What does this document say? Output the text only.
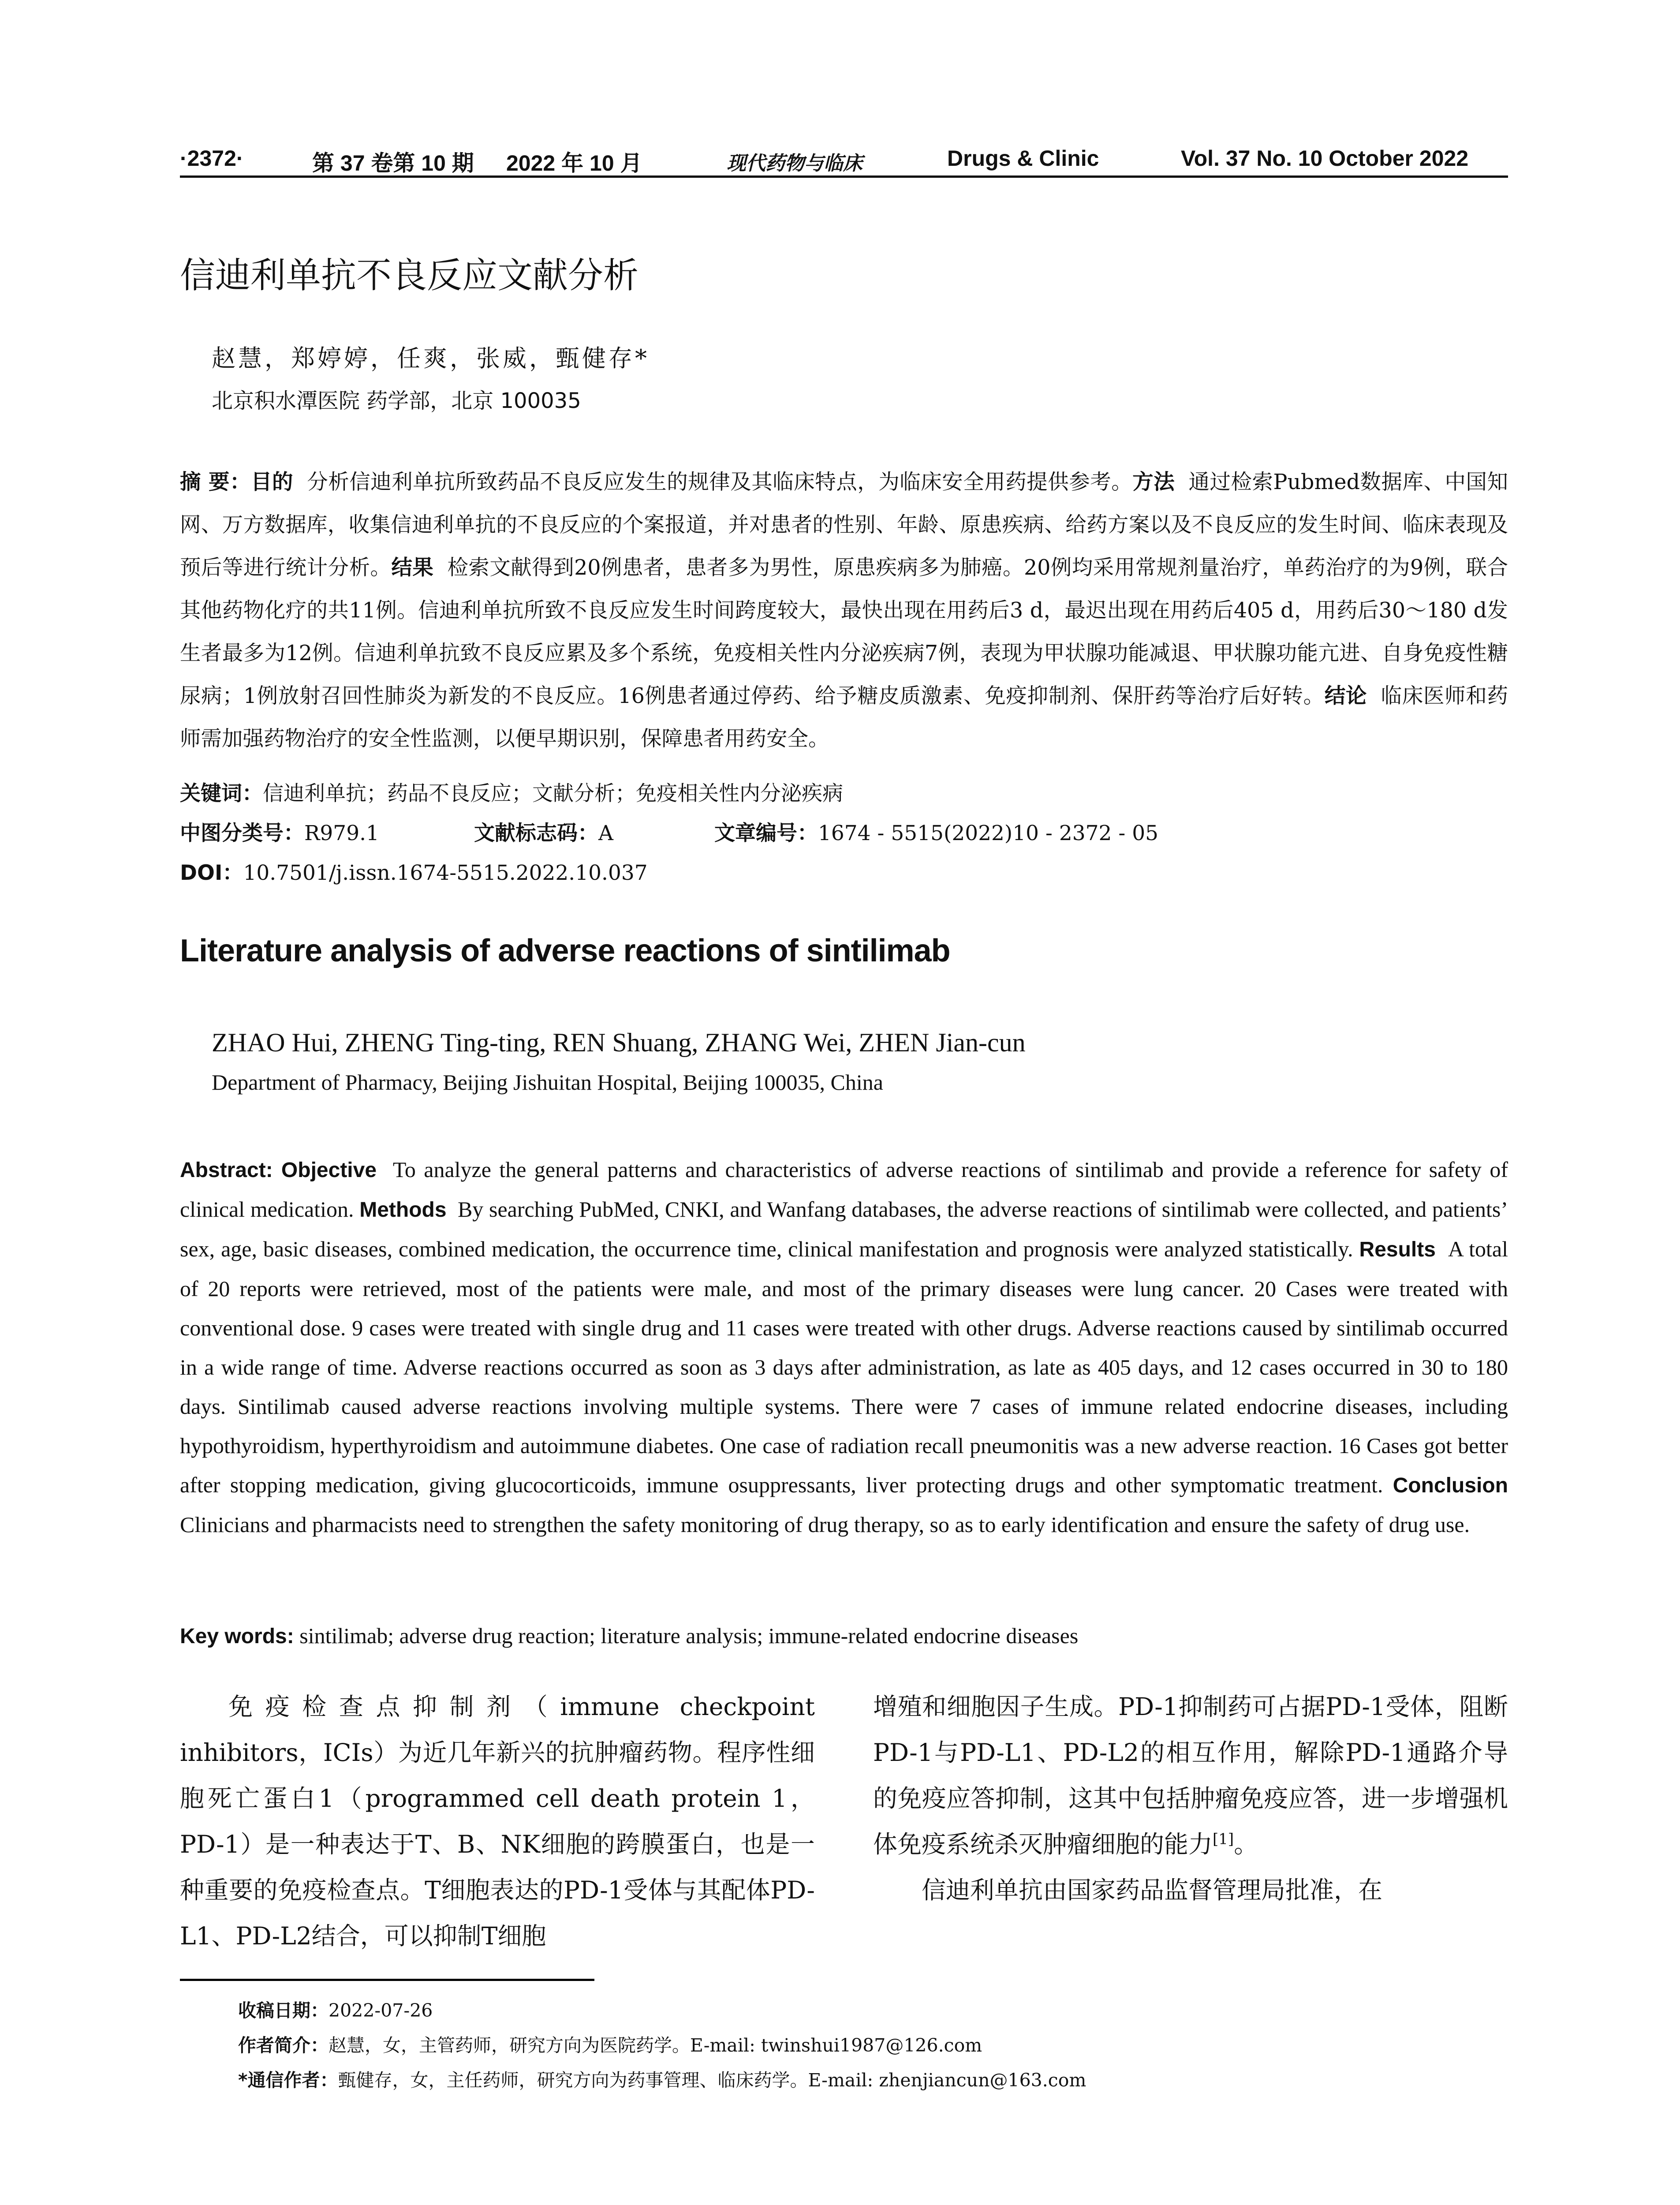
·2372·	第 37 卷第 10 期 2022 年 10 月	现代药物与临床	Drugs & Clinic	Vol. 37 No. 10 October 2022
信迪利单抗不良反应文献分析
赵慧，郑婷婷，任爽，张威，甄健存*
北京积水潭医院 药学部，北京 100035
摘 要：目的 分析信迪利单抗所致药品不良反应发生的规律及其临床特点，为临床安全用药提供参考。方法 通过检索Pubmed数据库、中国知网、万方数据库，收集信迪利单抗的不良反应的个案报道，并对患者的性别、年龄、原患疾病、给药方案以及不良反应的发生时间、临床表现及预后等进行统计分析。结果 检索文献得到20例患者，患者多为男性，原患疾病多为肺癌。20例均采用常规剂量治疗，单药治疗的为9例，联合其他药物化疗的共11例。信迪利单抗所致不良反应发生时间跨度较大，最快出现在用药后3 d，最迟出现在用药后405 d，用药后30～180 d发生者最多为12例。信迪利单抗致不良反应累及多个系统，免疫相关性内分泌疾病7例，表现为甲状腺功能减退、甲状腺功能亢进、自身免疫性糖尿病；1例放射召回性肺炎为新发的不良反应。16例患者通过停药、给予糖皮质激素、免疫抑制剂、保肝药等治疗后好转。结论 临床医师和药师需加强药物治疗的安全性监测，以便早期识别，保障患者用药安全。
关键词：信迪利单抗；药品不良反应；文献分析；免疫相关性内分泌疾病
中图分类号：R979.1	文献标志码：A	文章编号：1674 - 5515(2022)10 - 2372 - 05
DOI：10.7501/j.issn.1674-5515.2022.10.037
Literature analysis of adverse reactions of sintilimab
ZHAO Hui, ZHENG Ting-ting, REN Shuang, ZHANG Wei, ZHEN Jian-cun
Department of Pharmacy, Beijing Jishuitan Hospital, Beijing 100035, China
Abstract: Objective To analyze the general patterns and characteristics of adverse reactions of sintilimab and provide a reference for safety of clinical medication. Methods By searching PubMed, CNKI, and Wanfang databases, the adverse reactions of sintilimab were collected, and patients’ sex, age, basic diseases, combined medication, the occurrence time, clinical manifestation and prognosis were analyzed statistically. Results A total of 20 reports were retrieved, most of the patients were male, and most of the primary diseases were lung cancer. 20 Cases were treated with conventional dose. 9 cases were treated with single drug and 11 cases were treated with other drugs. Adverse reactions caused by sintilimab occurred in a wide range of time. Adverse reactions occurred as soon as 3 days after administration, as late as 405 days, and 12 cases occurred in 30 to 180 days. Sintilimab caused adverse reactions involving multiple systems. There were 7 cases of immune related endocrine diseases, including hypothyroidism, hyperthyroidism and autoimmune diabetes. One case of radiation recall pneumonitis was a new adverse reaction. 16 Cases got better after stopping medication, giving glucocorticoids, immune osuppressants, liver protecting drugs and other symptomatic treatment. Conclusion Clinicians and pharmacists need to strengthen the safety monitoring of drug therapy, so as to early identification and ensure the safety of drug use.
Key words: sintilimab; adverse drug reaction; literature analysis; immune-related endocrine diseases

免疫检查点抑制剂（immune checkpoint inhibitors，ICIs）为近几年新兴的抗肿瘤药物。程序性细胞死亡蛋白1（programmed cell death protein 1，PD-1）是一种表达于T、B、NK细胞的跨膜蛋白，也是一种重要的免疫检查点。T细胞表达的PD-1受体与其配体PD-L1、PD-L2结合，可以抑制T细胞

增殖和细胞因子生成。PD-1抑制药可占据PD-1受体，阻断PD-1与PD-L1、PD-L2的相互作用，解除PD-1通路介导的免疫应答抑制，这其中包括肿瘤免疫应答，进一步增强机体免疫系统杀灭肿瘤细胞的能力[1]。

信迪利单抗由国家药品监督管理局批准，在

收稿日期：2022-07-26
作者简介：赵慧，女，主管药师，研究方向为医院药学。E-mail: twinshui1987@126.com
*通信作者：甄健存，女，主任药师，研究方向为药事管理、临床药学。E-mail: zhenjiancun@163.com
